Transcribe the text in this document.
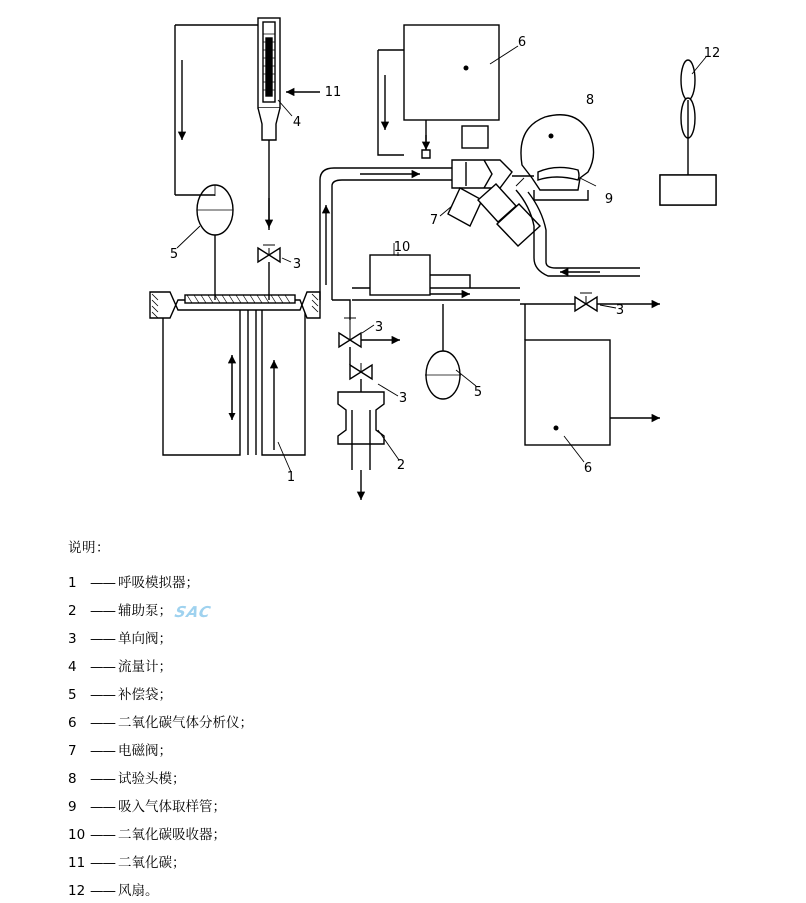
1
2
3
3
3
3
4
5
5
6
6
7
8
9
10
11
12
说明：
SAC
1 —— 呼吸模拟器；
2 —— 辅助泵；
3 —— 单向阀；
4 —— 流量计；
5 —— 补偿袋；
6 —— 二氧化碳气体分析仪；
7 —— 电磁阀；
8 —— 试验头模；
9 —— 吸入气体取样管；
10 —— 二氧化碳吸收器；
11 —— 二氧化碳；
12 —— 风扇。
